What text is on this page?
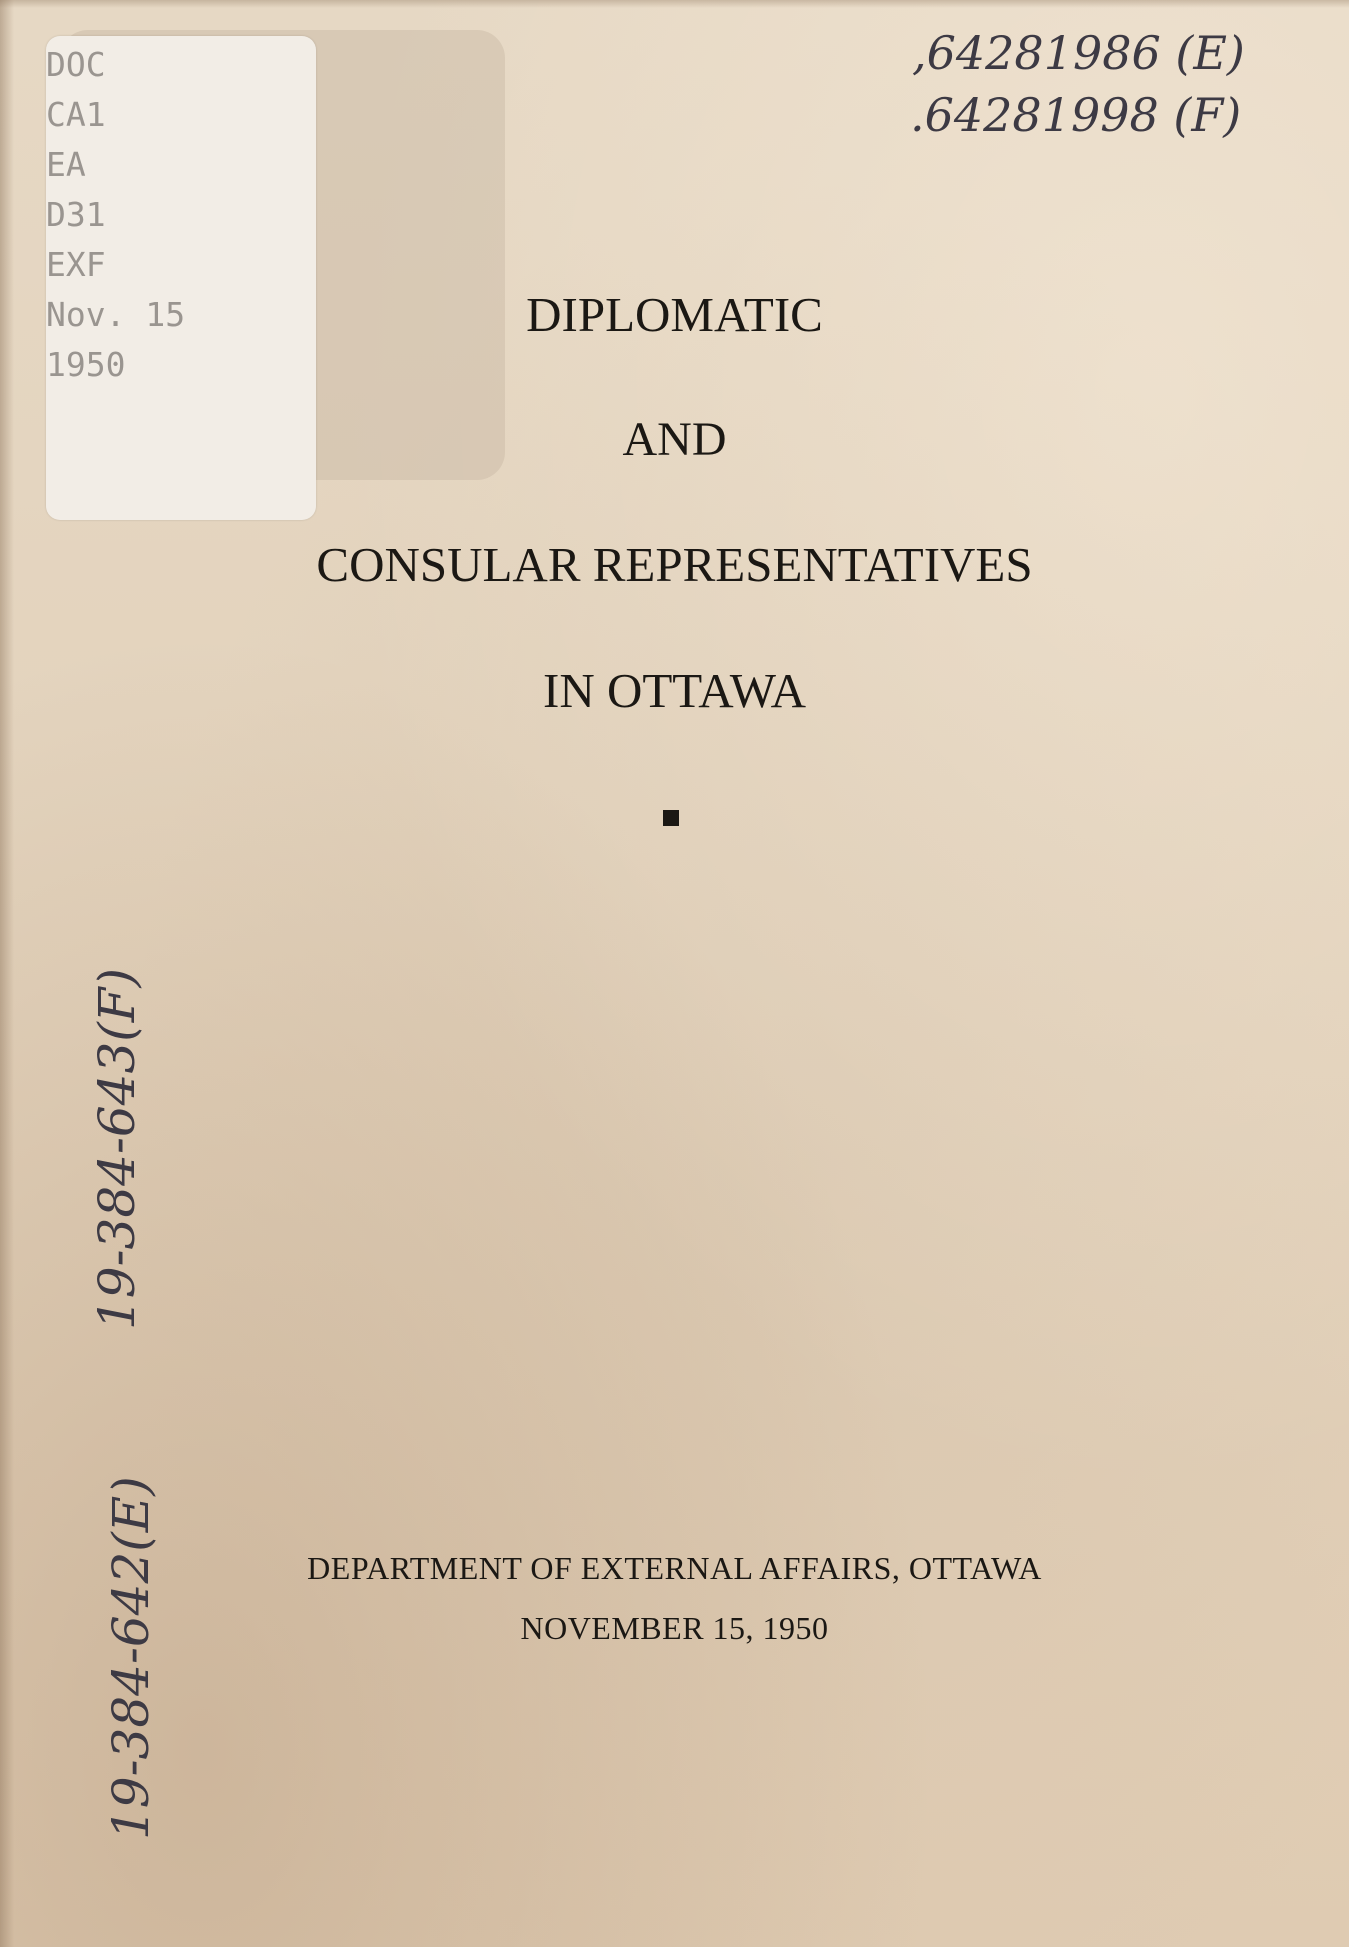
DOC
CA1
EA
D31
EXF
Nov. 15
1950
,64281986 (E)
.64281998 (F)
DIPLOMATIC
AND
CONSULAR REPRESENTATIVES
IN OTTAWA

DEPARTMENT OF EXTERNAL AFFAIRS, OTTAWA

NOVEMBER 15, 1950

19-384-643(F)
19-384-642(E)
